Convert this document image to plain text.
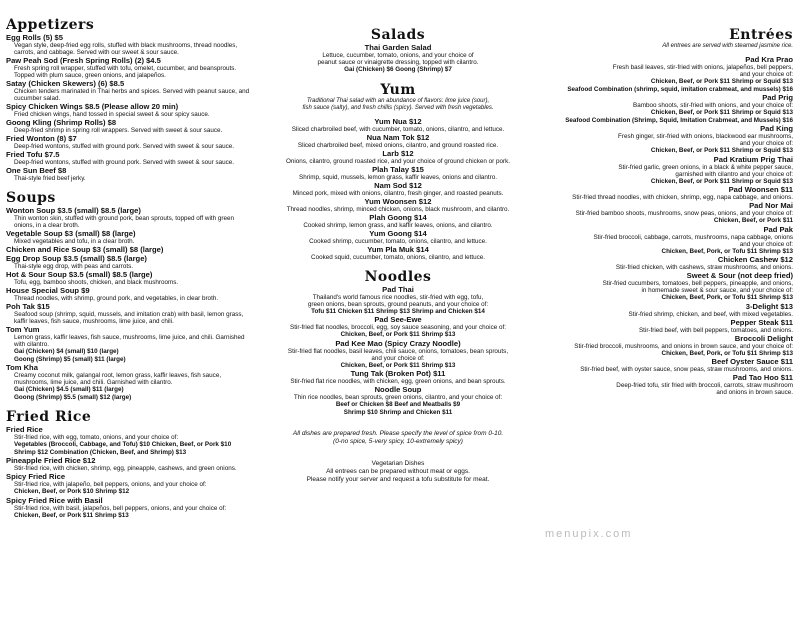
Appetizers
Egg Rolls (5) $5
Vegan style, deep-fried egg rolls, stuffed with black mushrooms, thread noodles,
carrots, and cabbage. Served with our sweet & sour sauce.
Paw Peah Sod (Fresh Spring Rolls) (2) $4.5
Fresh spring roll wrapper, stuffed with tofu, omelet, cucumber, and beansprouts.
Topped with plum sauce, green onions, and jalapeños.
Satay (Chicken Skewers) (6) $8.5
Chicken tenders marinated in Thai herbs and spices. Served with peanut sauce, and
cucumber salad.
Spicy Chicken Wings $8.5 (Please allow 20 min)
Fried chicken wings, hand tossed in special sweet & sour spicy sauce.
Goong Kling (Shrimp Rolls) $8
Deep-fried shrimp in spring roll wrappers. Served with sweet & sour sauce.
Fried Wonton (8) $7
Deep-fried wontons, stuffed with ground pork. Served with sweet & sour sauce.
Fried Tofu $7.5
Deep-fried wontons, stuffed with ground pork. Served with sweet & sour sauce.
One Sun Beef $8
Thai-style fried beef jerky.
Soups
Wonton Soup $3.5 (small) $8.5 (large)
Thin wonton skin, stuffed with ground pork, bean sprouts, topped off with green
onions, in a clear broth.
Vegetable Soup $3 (small) $8 (large)
Mixed vegetables and tofu, in a clear broth.
Chicken and Rice Soup $3 (small) $8 (large)
Egg Drop Soup $3.5 (small) $8.5 (large)
Thai-style egg drop, with peas and carrots.
Hot & Sour Soup $3.5 (small) $8.5 (large)
Tofu, egg, bamboo shoots, chicken, and black mushrooms.
House Special Soup $9
Thread noodles, with shrimp, ground pork, and vegetables, in clear broth.
Poh Tak $15
Seafood soup (shrimp, squid, mussels, and imitation crab) with basil, lemon grass,
kaffir leaves, fish sauce, mushrooms, lime juice, and chili.
Tom Yum
Lemon grass, kaffir leaves, fish sauce, mushrooms, lime juice, and chili. Garnished
with cilantro.
Gai (Chicken) $4 (small) $10 (large)
Goong (Shrimp) $5 (small) $11 (large)
Tom Kha
Creamy coconut milk, galangal root, lemon grass, kaffir leaves, fish sauce,
mushrooms, lime juice, and chili. Garnished with cilantro.
Gai (Chicken) $4.5 (small) $11 (large)
Goong (Shrimp) $5.5 (small) $12 (large)
Fried Rice
Fried Rice
Stir-fried rice, with egg, tomato, onions, and your choice of:
Vegetables (Broccoli, Cabbage, and Tofu) $10 Chicken, Beef, or Pork $10
Shrimp $12 Combination (Chicken, Beef, and Shrimp) $13
Pineapple Fried Rice $12
Stir-fried rice, with chicken, shrimp, egg, pineapple, cashews, and green onions.
Spicy Fried Rice
Stir-fried rice, with jalapeño, bell peppers, onions, and your choice of:
Chicken, Beef, or Pork $10 Shrimp $12
Spicy Fried Rice with Basil
Stir-fried rice, with basil, jalapeños, bell peppers, onions, and your choice of:
Chicken, Beef, or Pork $11 Shrimp $13
Salads
Thai Garden Salad
Lettuce, cucumber, tomato, onions, and your choice of
peanut sauce or vinaigrette dressing, topped with cilantro.
Gai (Chicken) $6 Goong (Shrimp) $7
Yum
Traditional Thai salad with an abundance of flavors: lime juice (sour),
fish sauce (salty), and fresh chillis (spicy). Served with fresh vegetables.
Yum Nua $12
Sliced charbroiled beef, with cucumber, tomato, onions, cilantro, and lettuce.
Nua Nam Tok $12
Sliced charbroiled beef, mixed onions, cilantro, and ground roasted rice.
Larb $12
Onions, cilantro, ground roasted rice, and your choice of ground chicken or pork.
Plah Talay $15
Shrimp, squid, mussels, lemon grass, kaffir leaves, onions and cilantro.
Nam Sod $12
Minced pork, mixed with onions, cilantro, fresh ginger, and roasted peanuts.
Yum Woonsen $12
Thread noodles, shrimp, minced chicken, onions, black mushroom, and cilantro.
Plah Goong $14
Cooked shrimp, lemon grass, and kaffir leaves, onions, and cilantro.
Yum Goong $14
Cooked shrimp, cucumber, tomato, onions, cilantro, and lettuce.
Yum Pla Muk $14
Cooked squid, cucumber, tomato, onions, cilantro, and lettuce.
Noodles
Pad Thai
Thailand's world famous rice noodles, stir-fried with egg, tofu,
green onions, bean sprouts, ground peanuts, and your choice of:
Tofu $11 Chicken $11 Shrimp $13 Shrimp and Chicken $14
Pad See-Ewe
Stir-fried flat noodles, broccoli, egg, soy sauce seasoning, and your choice of:
Chicken, Beef, or Pork $11 Shrimp $13
Pad Kee Mao (Spicy Crazy Noodle)
Stir-fried flat noodles, basil leaves, chili sauce, onions, tomatoes, bean sprouts,
and your choice of:
Chicken, Beef, or Pork $11 Shrimp $13
Tung Tak (Broken Pot) $11
Stir-fried flat rice noodles, with chicken, egg, green onions, and bean sprouts.
Noodle Soup
Thin rice noodles, bean sprouts, green onions, cilantro, and your choice of:
Beef or Chicken $8 Beef and Meatballs $9
Shrimp $10 Shrimp and Chicken $11
All dishes are prepared fresh. Please specify the level of spice from 0-10.
(0-no spice, 5-very spicy, 10-extremely spicy)
Vegetarian Dishes
All entrees can be prepared without meat or eggs.
Please notify your server and request a tofu substitute for meat.
Entrées
All entrees are served with steamed jasmine rice.
Pad Kra Prao
Fresh basil leaves, stir-fried with onions, jalapeños, bell peppers,
and your choice of:
Chicken, Beef, or Pork $11 Shrimp or Squid $13
Seafood Combination (shrimp, squid, imitation crabmeat, and mussels) $16
Pad Prig
Bamboo shoots, stir-fried with onions, and your choice of:
Chicken, Beef, or Pork $11 Shrimp or Squid $13
Seafood Combination (Shrimp, Squid, Imitation Crabmeat, and Mussels) $16
Pad King
Fresh ginger, stir-fried with onions, blackwood ear mushrooms,
and your choice of:
Chicken, Beef, or Pork $11 Shrimp or Squid $13
Pad Kratium Prig Thai
Stir-fried garlic, green onions, in a black & white pepper sauce,
garnished with cilantro and your choice of:
Chicken, Beef, or Pork $11 Shrimp or Squid $13
Pad Woonsen $11
Stir-fried thread noodles, with chicken, shrimp, egg, napa cabbage, and onions.
Pad Nor Mai
Stir-fried bamboo shoots, mushrooms, snow peas, onions, and your choice of:
Chicken, Beef, or Pork $11
Pad Pak
Stir-fried broccoli, cabbage, carrots, mushrooms, napa cabbage, onions
and your choice of:
Chicken, Beef, Pork, or Tofu $11 Shrimp $13
Chicken Cashew $12
Stir-fried chicken, with cashews, straw mushrooms, and onions.
Sweet & Sour (not deep fried)
Stir-fried cucumbers, tomatoes, bell peppers, pineapple, and onions,
in homemade sweet & sour sauce, and your choice of:
Chicken, Beef, Pork, or Tofu $11 Shrimp $13
3-Delight $13
Stir-fried shrimp, chicken, and beef, with mixed vegetables.
Pepper Steak $11
Stir-fried beef, with bell peppers, tomatoes, and onions.
Broccoli Delight
Stir-fried broccoli, mushrooms, and onions in brown sauce, and your choice of:
Chicken, Beef, Pork, or Tofu $11 Shrimp $13
Beef Oyster Sauce $11
Stir-fried beef, with oyster sauce, snow peas, straw mushrooms, and onions.
Pad Tao Hoo $11
Deep-fried tofu, stir fried with broccoli, carrots, straw mushroom
and onions in brown sauce.
menupix.com
